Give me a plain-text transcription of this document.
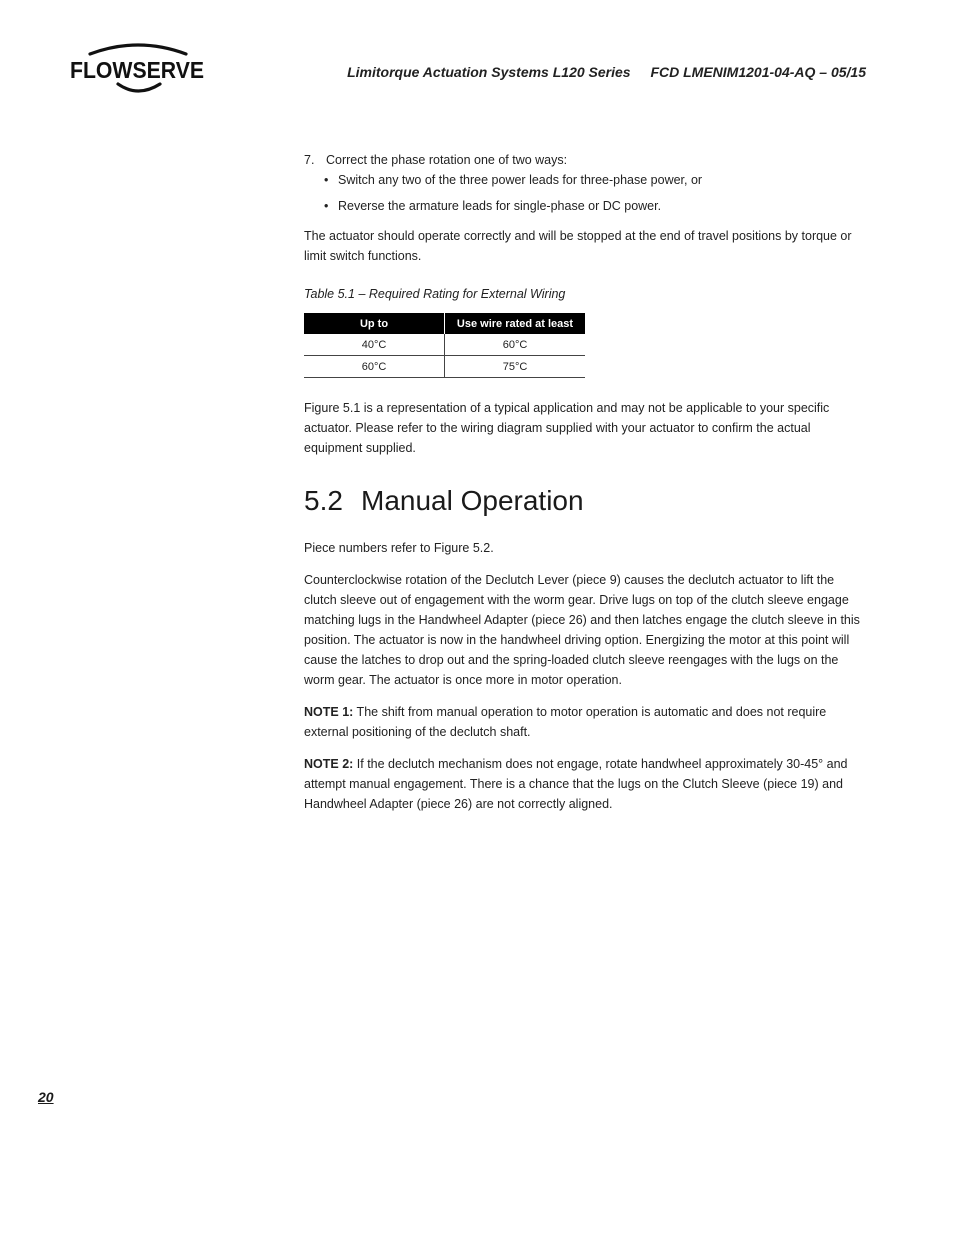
FLOWSERVE	Limitorque Actuation Systems L120 Series FCD LMENIM1201-04-AQ – 05/15

7. Correct the phase rotation one of two ways:

• Switch any two of the three power leads for three-phase power, or
• Reverse the armature leads for single-phase or DC power.

The actuator should operate correctly and will be stopped at the end of travel positions by torque or limit switch functions.

Table 5.1 – Required Rating for External Wiring

Up to	Use wire rated at least
40°C	60°C
60°C	75°C

Figure 5.1 is a representation of a typical application and may not be applicable to your specific actuator. Please refer to the wiring diagram supplied with your actuator to confirm the actual
equipment supplied.

5.2 Manual Operation

Piece numbers refer to Figure 5.2.

Counterclockwise rotation of the Declutch Lever (piece 9) causes the declutch actuator to lift the clutch sleeve out of engagement with the worm gear. Drive lugs on top of the clutch sleeve engage matching lugs in the Handwheel Adapter (piece 26) and then latches engage the clutch sleeve in this position. The actuator is now in the handwheel driving option. Energizing the motor at this point will cause the latches to drop out and the spring-loaded clutch sleeve reengages with the lugs on the worm gear. The actuator is once more in motor operation.

NOTE 1: The shift from manual operation to motor operation is automatic and does not require external positioning of the declutch shaft.

NOTE 2: If the declutch mechanism does not engage, rotate handwheel approximately 30-45° and attempt manual engagement. There is a chance that the lugs on the Clutch Sleeve (piece 19) and Handwheel Adapter (piece 26) are not correctly aligned.

20
